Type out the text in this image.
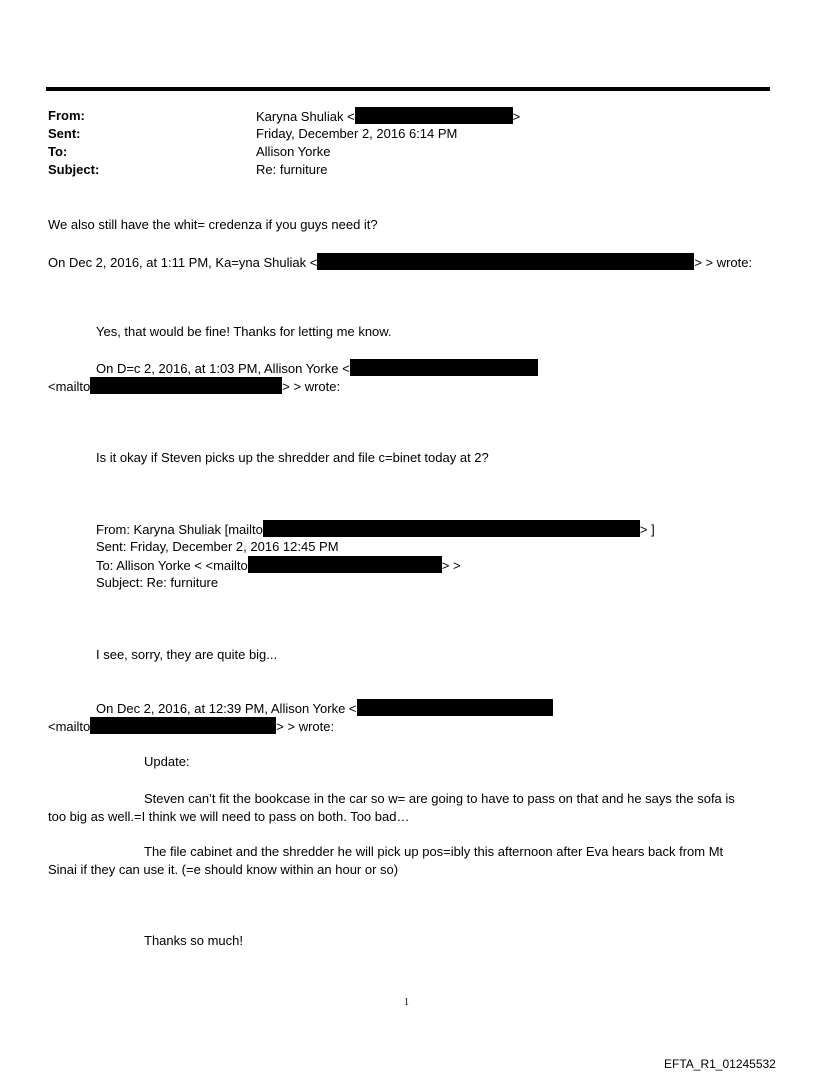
From:	Karyna Shuliak <	>
Sent:	Friday, December 2, 2016 6:14 PM
To:	Allison Yorke
Subject:	Re: furniture
We also still have the whit= credenza if you guys need it?
On Dec 2, 2016, at 1:11 PM, Ka=yna Shuliak <	> > wrote:
Yes, that would be fine! Thanks for letting me know.
On D=c 2, 2016, at 1:03 PM, Allison Yorke <
<mailto	> > wrote:
Is it okay if Steven picks up the shredder and file c=binet today at 2?
From: Karyna Shuliak [mailto	> ]
Sent: Friday, December 2, 2016 12:45 PM
To: Allison Yorke < <mailto	> >
Subject: Re: furniture
I see, sorry, they are quite big...
On Dec 2, 2016, at 12:39 PM, Allison Yorke <
<mailto	> > wrote:
Update:
Steven can’t fit the bookcase in the car so w= are going to have to pass on that and he says the sofa is
too big as well.=I think we will need to pass on both. Too bad…
The file cabinet and the shredder he will pick up pos=ibly this afternoon after Eva hears back from Mt
Sinai if they can use it. (=e should know within an hour or so)
Thanks so much!
1
EFTA_R1_01245532
